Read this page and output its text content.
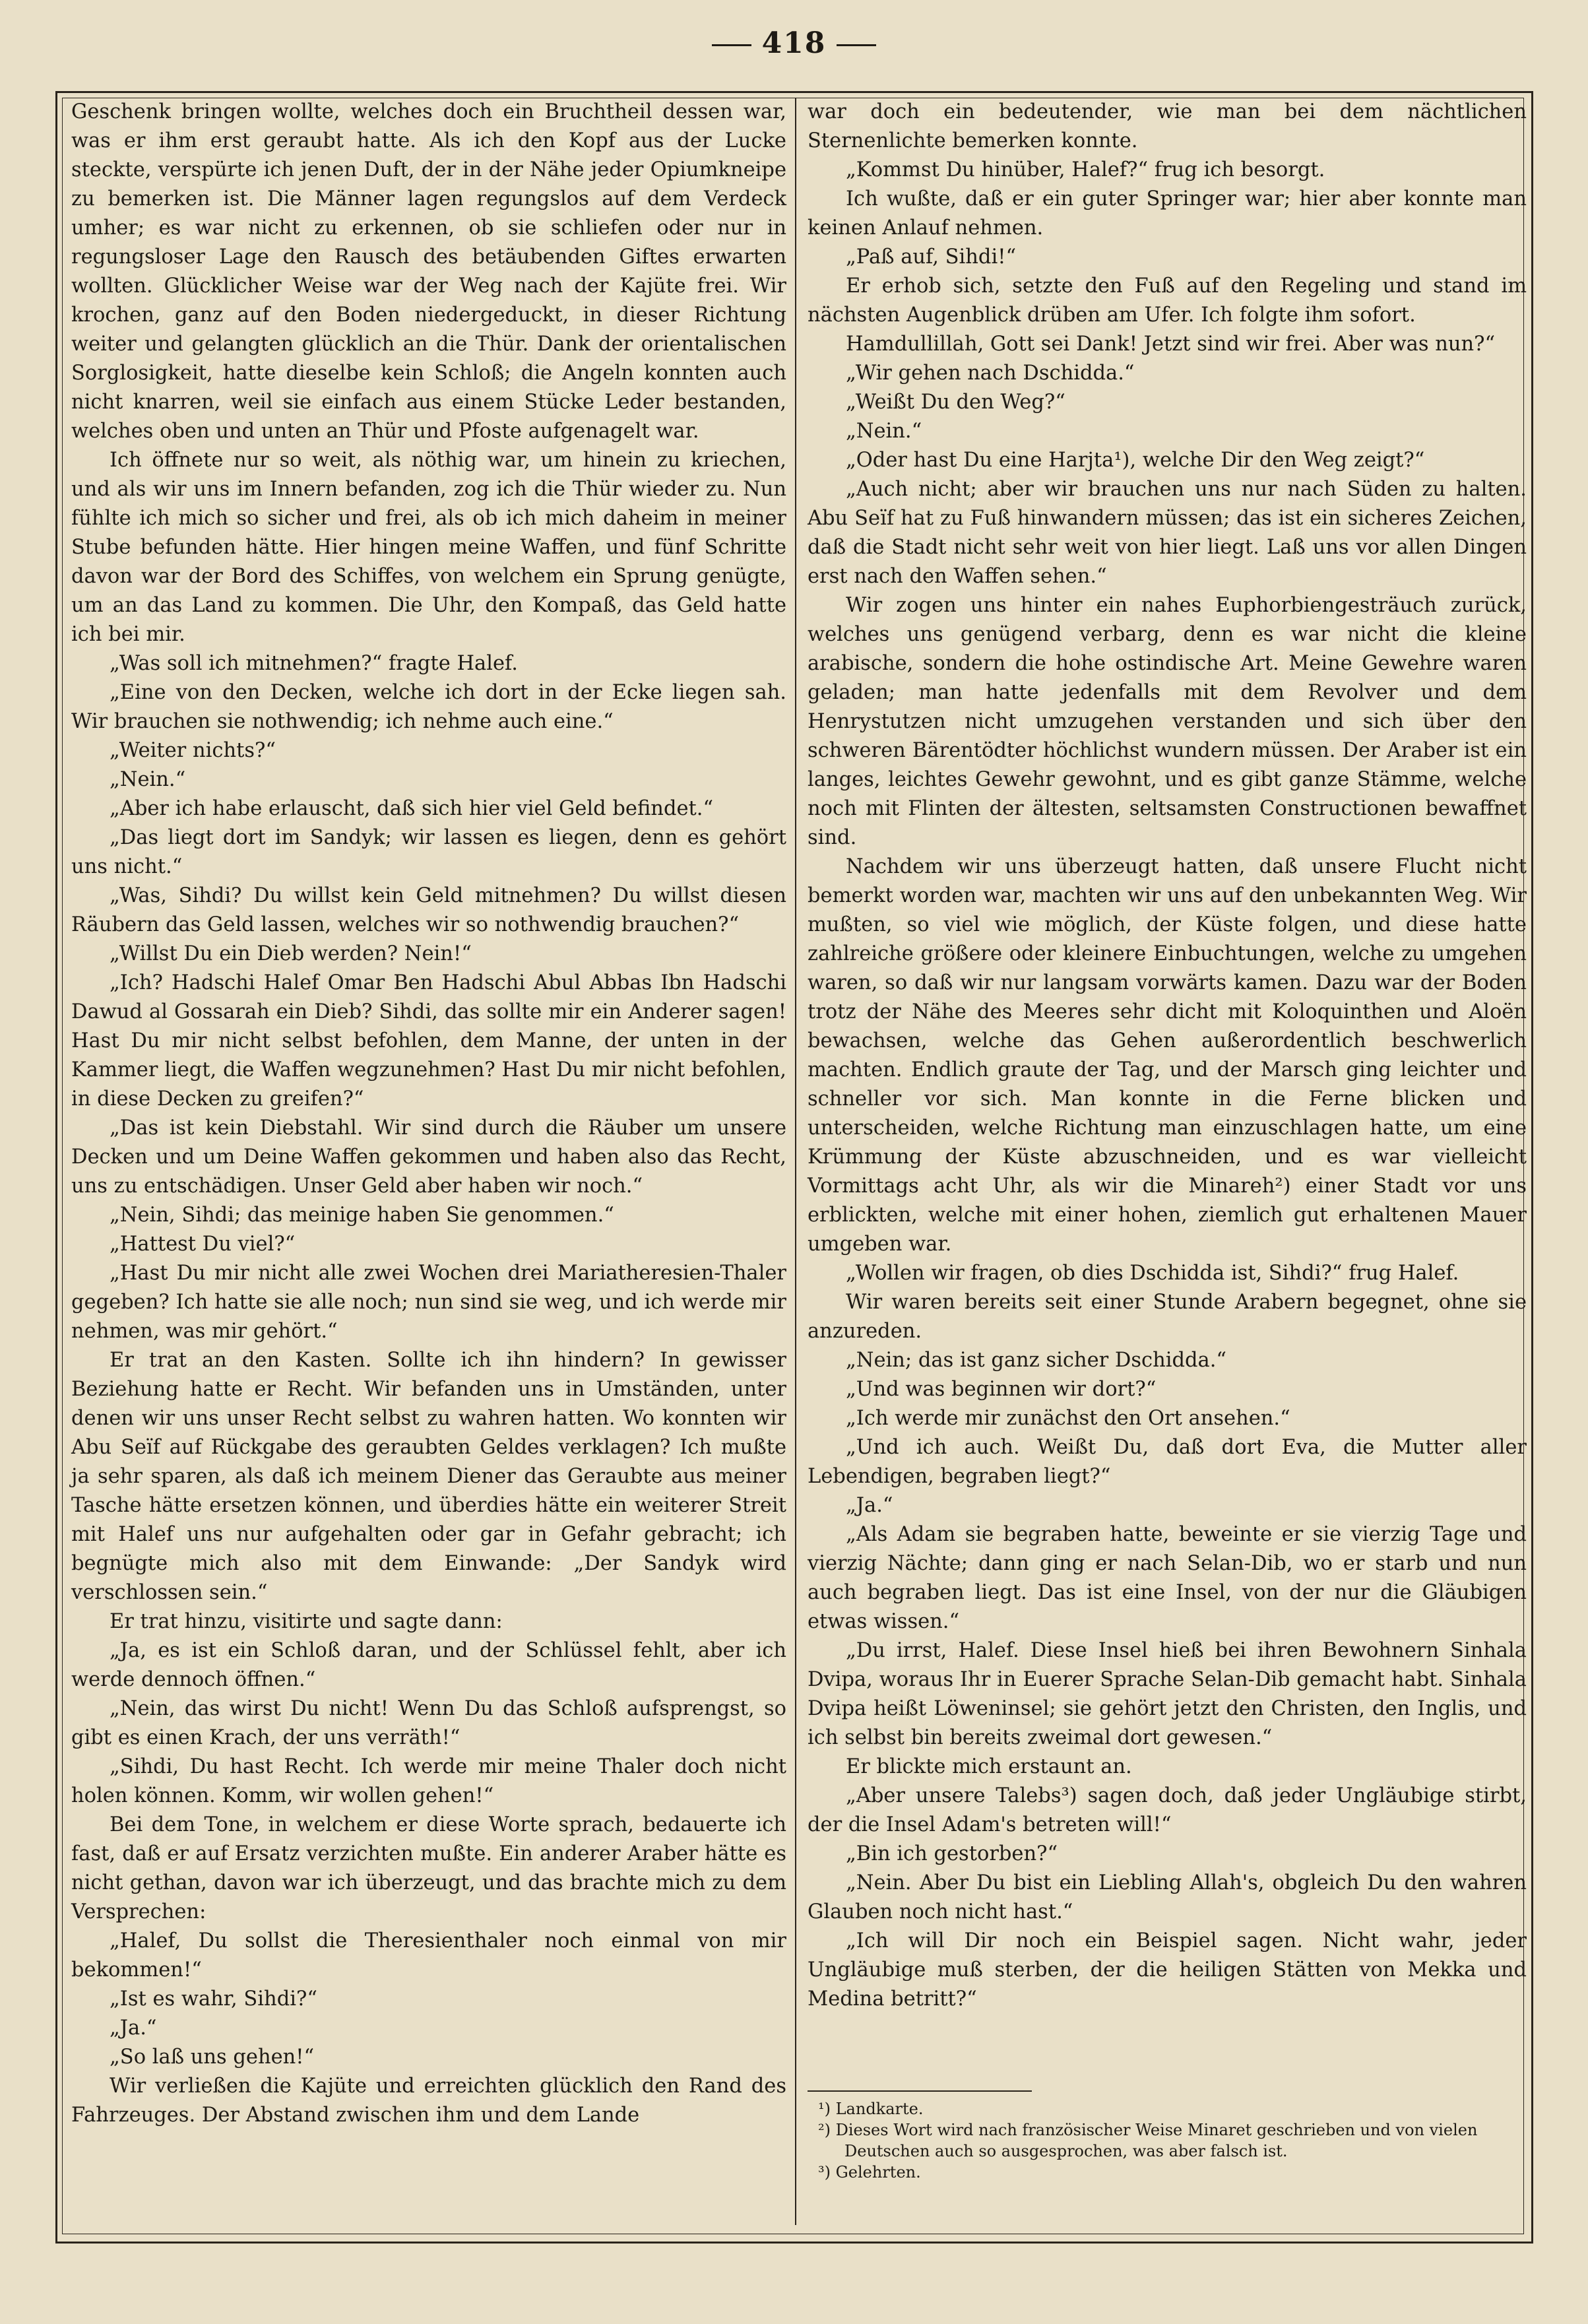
418

Geschenk bringen wollte, welches doch ein Bruchtheil dessen war, was er ihm erst geraubt hatte. Als ich den Kopf aus der Lucke steckte, verspürte ich jenen Duft, der in der Nähe jeder Opiumkneipe zu bemerken ist. Die Männer lagen regungslos auf dem Verdeck umher; es war nicht zu erkennen, ob sie schliefen oder nur in regungsloser Lage den Rausch des betäubenden Giftes erwarten wollten. Glücklicher Weise war der Weg nach der Kajüte frei. Wir krochen, ganz auf den Boden niedergeduckt, in dieser Richtung weiter und gelangten glücklich an die Thür. Dank der orientalischen Sorglosigkeit, hatte dieselbe kein Schloß; die Angeln konnten auch nicht knarren, weil sie einfach aus einem Stücke Leder bestanden, welches oben und unten an Thür und Pfoste aufgenagelt war.

Ich öffnete nur so weit, als nöthig war, um hinein zu kriechen, und als wir uns im Innern befanden, zog ich die Thür wieder zu. Nun fühlte ich mich so sicher und frei, als ob ich mich daheim in meiner Stube befunden hätte. Hier hingen meine Waffen, und fünf Schritte davon war der Bord des Schiffes, von welchem ein Sprung genügte, um an das Land zu kommen. Die Uhr, den Kompaß, das Geld hatte ich bei mir.

„Was soll ich mitnehmen?“ fragte Halef.

„Eine von den Decken, welche ich dort in der Ecke liegen sah. Wir brauchen sie nothwendig; ich nehme auch eine.“

„Weiter nichts?“

„Nein.“

„Aber ich habe erlauscht, daß sich hier viel Geld befindet.“

„Das liegt dort im Sandyk; wir lassen es liegen, denn es gehört uns nicht.“

„Was, Sihdi? Du willst kein Geld mitnehmen? Du willst diesen Räubern das Geld lassen, welches wir so nothwendig brauchen?“

„Willst Du ein Dieb werden? Nein!“

„Ich? Hadschi Halef Omar Ben Hadschi Abul Abbas Ibn Hadschi Dawud al Gossarah ein Dieb? Sihdi, das sollte mir ein Anderer sagen! Hast Du mir nicht selbst befohlen, dem Manne, der unten in der Kammer liegt, die Waffen wegzunehmen? Hast Du mir nicht befohlen, in diese Decken zu greifen?“

„Das ist kein Diebstahl. Wir sind durch die Räuber um unsere Decken und um Deine Waffen gekommen und haben also das Recht, uns zu entschädigen. Unser Geld aber haben wir noch.“

„Nein, Sihdi; das meinige haben Sie genommen.“

„Hattest Du viel?“

„Hast Du mir nicht alle zwei Wochen drei Mariatheresien-Thaler gegeben? Ich hatte sie alle noch; nun sind sie weg, und ich werde mir nehmen, was mir gehört.“

Er trat an den Kasten. Sollte ich ihn hindern? In gewisser Beziehung hatte er Recht. Wir befanden uns in Umständen, unter denen wir uns unser Recht selbst zu wahren hatten. Wo konnten wir Abu Seïf auf Rückgabe des geraubten Geldes verklagen? Ich mußte ja sehr sparen, als daß ich meinem Diener das Geraubte aus meiner Tasche hätte ersetzen können, und überdies hätte ein weiterer Streit mit Halef uns nur aufgehalten oder gar in Gefahr gebracht; ich begnügte mich also mit dem Einwande: „Der Sandyk wird verschlossen sein.“

Er trat hinzu, visitirte und sagte dann:

„Ja, es ist ein Schloß daran, und der Schlüssel fehlt, aber ich werde dennoch öffnen.“

„Nein, das wirst Du nicht! Wenn Du das Schloß aufsprengst, so gibt es einen Krach, der uns verräth!“

„Sihdi, Du hast Recht. Ich werde mir meine Thaler doch nicht holen können. Komm, wir wollen gehen!“

Bei dem Tone, in welchem er diese Worte sprach, bedauerte ich fast, daß er auf Ersatz verzichten mußte. Ein anderer Araber hätte es nicht gethan, davon war ich überzeugt, und das brachte mich zu dem Versprechen:

„Halef, Du sollst die Theresienthaler noch einmal von mir bekommen!“

„Ist es wahr, Sihdi?“

„Ja.“

„So laß uns gehen!“

Wir verließen die Kajüte und erreichten glücklich den Rand des Fahrzeuges. Der Abstand zwischen ihm und dem Lande

war doch ein bedeutender, wie man bei dem nächtlichen Sternenlichte bemerken konnte.

„Kommst Du hinüber, Halef?“ frug ich besorgt.

Ich wußte, daß er ein guter Springer war; hier aber konnte man keinen Anlauf nehmen.

„Paß auf, Sihdi!“

Er erhob sich, setzte den Fuß auf den Regeling und stand im nächsten Augenblick drüben am Ufer. Ich folgte ihm sofort.

Hamdullillah, Gott sei Dank! Jetzt sind wir frei. Aber was nun?“

„Wir gehen nach Dschidda.“

„Weißt Du den Weg?“

„Nein.“

„Oder hast Du eine Harjta¹), welche Dir den Weg zeigt?“

„Auch nicht; aber wir brauchen uns nur nach Süden zu halten. Abu Seïf hat zu Fuß hinwandern müssen; das ist ein sicheres Zeichen, daß die Stadt nicht sehr weit von hier liegt. Laß uns vor allen Dingen erst nach den Waffen sehen.“

Wir zogen uns hinter ein nahes Euphorbiengesträuch zurück, welches uns genügend verbarg, denn es war nicht die kleine arabische, sondern die hohe ostindische Art. Meine Gewehre waren geladen; man hatte jedenfalls mit dem Revolver und dem Henrystutzen nicht umzugehen verstanden und sich über den schweren Bärentödter höchlichst wundern müssen. Der Araber ist ein langes, leichtes Gewehr gewohnt, und es gibt ganze Stämme, welche noch mit Flinten der ältesten, seltsamsten Constructionen bewaffnet sind.

Nachdem wir uns überzeugt hatten, daß unsere Flucht nicht bemerkt worden war, machten wir uns auf den unbekannten Weg. Wir mußten, so viel wie möglich, der Küste folgen, und diese hatte zahlreiche größere oder kleinere Einbuchtungen, welche zu umgehen waren, so daß wir nur langsam vorwärts kamen. Dazu war der Boden trotz der Nähe des Meeres sehr dicht mit Koloquinthen und Aloën bewachsen, welche das Gehen außerordentlich beschwerlich machten. Endlich graute der Tag, und der Marsch ging leichter und schneller vor sich. Man konnte in die Ferne blicken und unterscheiden, welche Richtung man einzuschlagen hatte, um eine Krümmung der Küste abzuschneiden, und es war vielleicht Vormittags acht Uhr, als wir die Minareh²) einer Stadt vor uns erblickten, welche mit einer hohen, ziemlich gut erhaltenen Mauer umgeben war.

„Wollen wir fragen, ob dies Dschidda ist, Sihdi?“ frug Halef.

Wir waren bereits seit einer Stunde Arabern begegnet, ohne sie anzureden.

„Nein; das ist ganz sicher Dschidda.“

„Und was beginnen wir dort?“

„Ich werde mir zunächst den Ort ansehen.“

„Und ich auch. Weißt Du, daß dort Eva, die Mutter aller Lebendigen, begraben liegt?“

„Ja.“

„Als Adam sie begraben hatte, beweinte er sie vierzig Tage und vierzig Nächte; dann ging er nach Selan-Dib, wo er starb und nun auch begraben liegt. Das ist eine Insel, von der nur die Gläubigen etwas wissen.“

„Du irrst, Halef. Diese Insel hieß bei ihren Bewohnern Sinhala Dvipa, woraus Ihr in Euerer Sprache Selan-Dib gemacht habt. Sinhala Dvipa heißt Löweninsel; sie gehört jetzt den Christen, den Inglis, und ich selbst bin bereits zweimal dort gewesen.“

Er blickte mich erstaunt an.

„Aber unsere Talebs³) sagen doch, daß jeder Ungläubige stirbt, der die Insel Adam's betreten will!“

„Bin ich gestorben?“

„Nein. Aber Du bist ein Liebling Allah's, obgleich Du den wahren Glauben noch nicht hast.“

„Ich will Dir noch ein Beispiel sagen. Nicht wahr, jeder Ungläubige muß sterben, der die heiligen Stätten von Mekka und Medina betritt?“

¹) Landkarte.

²) Dieses Wort wird nach französischer Weise Minaret geschrieben und von vielen Deutschen auch so ausgesprochen, was aber falsch ist.

³) Gelehrten.
